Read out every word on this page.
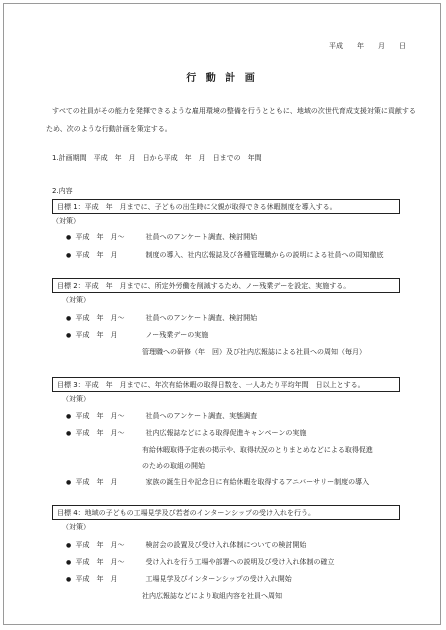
平成　　年　　月　　日
行 動 計 画
すべての社員がその能力を発揮できるような雇用環境の整備を行うとともに、地域の次世代育成支援対策に貢献するため、次のような行動計画を策定する。
1.計画期間　平成　年　月　日から平成　年　月　日までの　年間
2.内容
目標 1：平成　年　月までに、子どもの出生時に父親が取得できる休暇制度を導入する。
（対策）
● 平成　年　月〜	社員へのアンケート調査、検討開始
● 平成　年　月	制度の導入、社内広報誌及び各種管理職からの説明による社員への周知徹底
目標 2：平成　年　月までに、所定外労働を削減するため、ノー残業デーを設定、実施する。
（対策）
● 平成　年　月〜	社員へのアンケート調査、検討開始
● 平成　年　月	ノー残業デーの実施
管理職への研修（年　回）及び社内広報誌による社員への周知（毎月）
目標 3：平成　年　月までに、年次有給休暇の取得日数を、一人あたり平均年間　日以上とする。
（対策）
● 平成　年　月〜	社員へのアンケート調査、実態調査
● 平成　年　月〜	社内広報誌などによる取得促進キャンペーンの実施
有給休暇取得予定表の掲示や、取得状況のとりまとめなどによる取得促進
のための取組の開始
● 平成　年　月	家族の誕生日や記念日に有給休暇を取得するアニバーサリー制度の導入
目標 4：地域の子どもの工場見学及び若者のインターンシップの受け入れを行う。
（対策）
● 平成　年　月〜	検討会の設置及び受け入れ体制についての検討開始
● 平成　年　月〜	受け入れを行う工場や部署への説明及び受け入れ体制の確立
● 平成　年　月	工場見学及びインターンシップの受け入れ開始
社内広報誌などにより取組内容を社員へ周知
